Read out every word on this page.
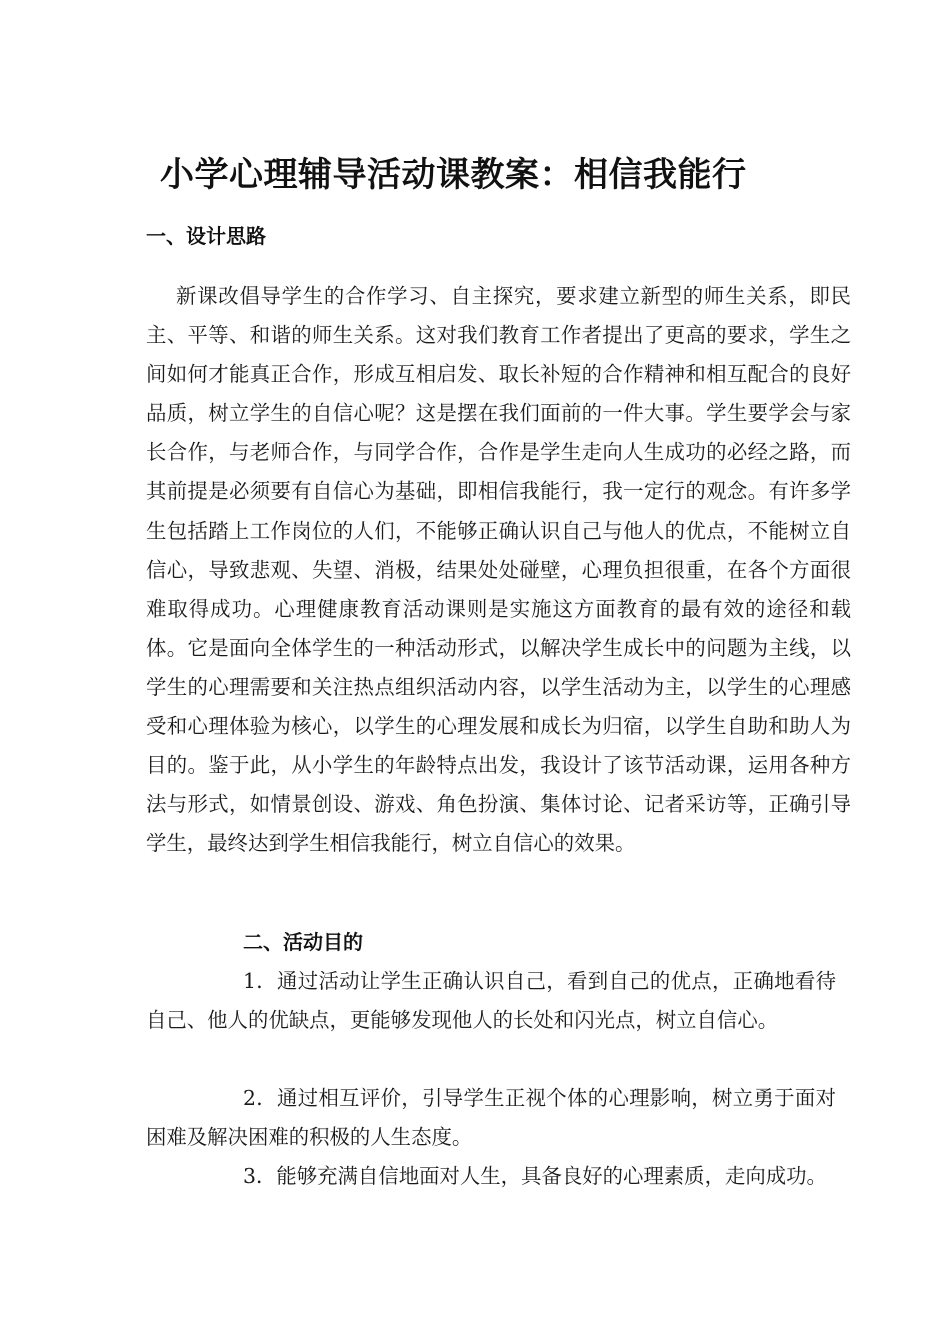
小学心理辅导活动课教案：相信我能行
一、设计思路

新课改倡导学生的合作学习、自主探究，要求建立新型的师生关系，即民主、平等、和谐的师生关系。这对我们教育工作者提出了更高的要求，学生之间如何才能真正合作，形成互相启发、取长补短的合作精神和相互配合的良好品质，树立学生的自信心呢？这是摆在我们面前的一件大事。学生要学会与家长合作，与老师合作，与同学合作，合作是学生走向人生成功的必经之路，而其前提是必须要有自信心为基础，即相信我能行，我一定行的观念。有许多学生包括踏上工作岗位的人们，不能够正确认识自己与他人的优点，不能树立自信心，导致悲观、失望、消极，结果处处碰壁，心理负担很重，在各个方面很难取得成功。心理健康教育活动课则是实施这方面教育的最有效的途径和载体。它是面向全体学生的一种活动形式，以解决学生成长中的问题为主线，以学生的心理需要和关注热点组织活动内容，以学生活动为主，以学生的心理感受和心理体验为核心，以学生的心理发展和成长为归宿，以学生自助和助人为目的。鉴于此，从小学生的年龄特点出发，我设计了该节活动课，运用各种方法与形式，如情景创设、游戏、角色扮演、集体讨论、记者采访等，正确引导学生，最终达到学生相信我能行，树立自信心的效果。

二、活动目的

1．通过活动让学生正确认识自己，看到自己的优点，正确地看待自己、他人的优缺点，更能够发现他人的长处和闪光点，树立自信心。

2．通过相互评价，引导学生正视个体的心理影响，树立勇于面对困难及解决困难的积极的人生态度。

3．能够充满自信地面对人生，具备良好的心理素质，走向成功。
